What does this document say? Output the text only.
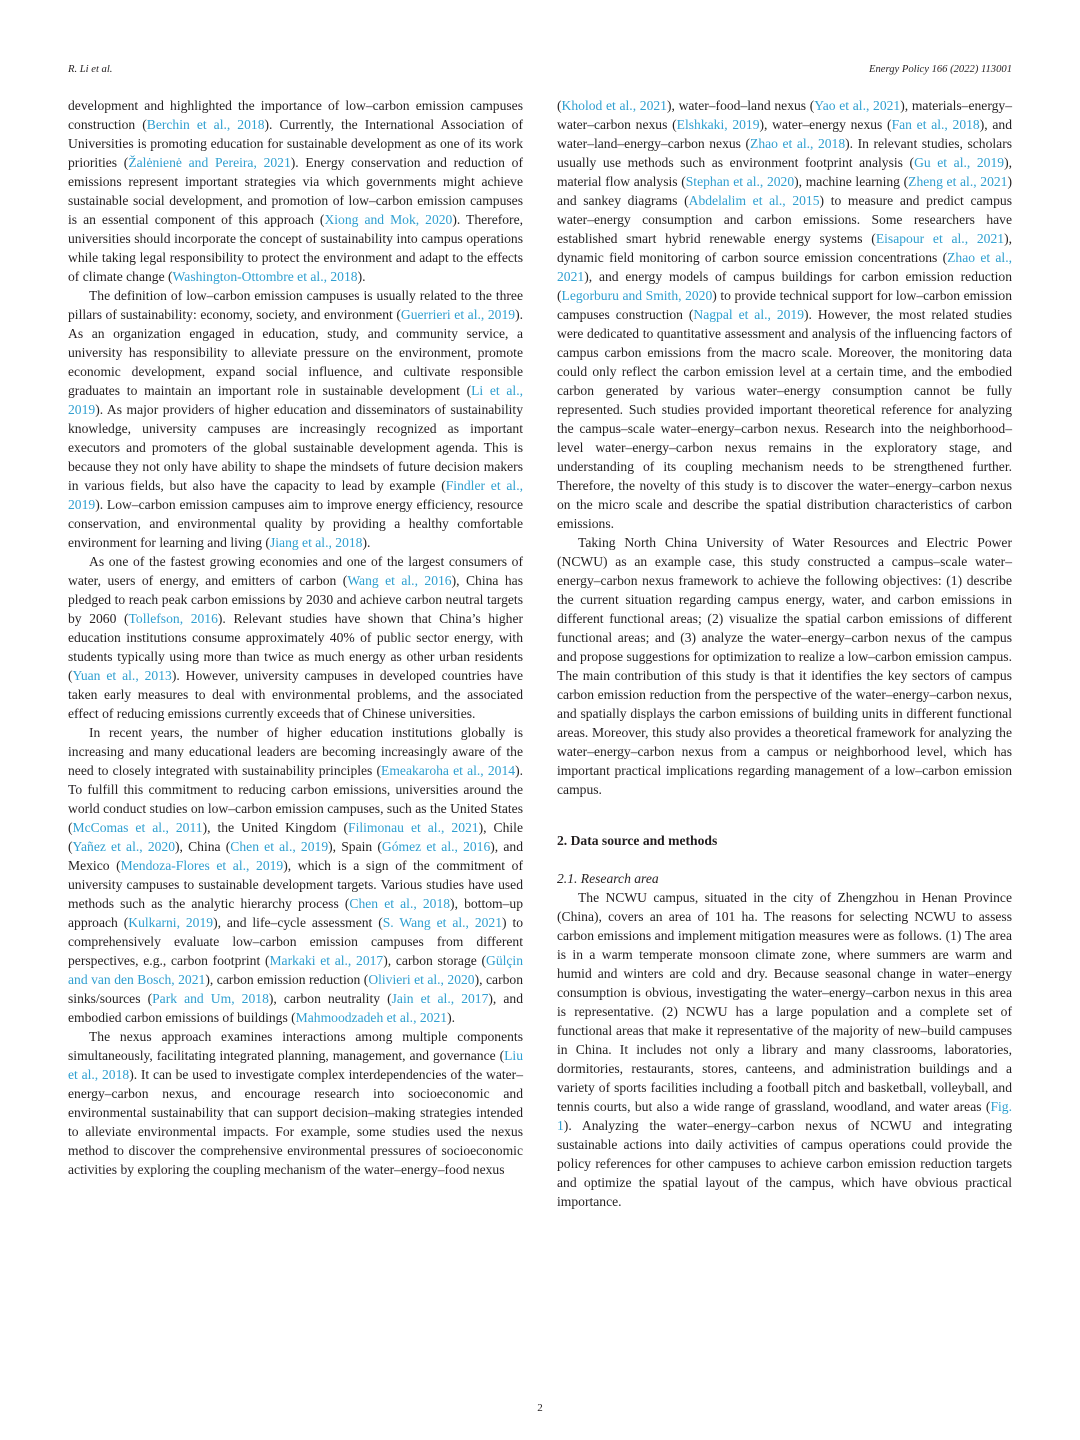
R. Li et al.	Energy Policy 166 (2022) 113001

development and highlighted the importance of low–carbon emission campuses construction (Berchin et al., 2018). Currently, the International Association of Universities is promoting education for sustainable development as one of its work priorities (Žalėnienė and Pereira, 2021). Energy conservation and reduction of emissions represent important strategies via which governments might achieve sustainable social development, and promotion of low–carbon emission campuses is an essential component of this approach (Xiong and Mok, 2020). Therefore, universities should incorporate the concept of sustainability into campus operations while taking legal responsibility to protect the environment and adapt to the effects of climate change (Washington-Ottombre et al., 2018).

The definition of low–carbon emission campuses is usually related to the three pillars of sustainability: economy, society, and environment (Guerrieri et al., 2019). As an organization engaged in education, study, and community service, a university has responsibility to alleviate pressure on the environment, promote economic development, expand social influence, and cultivate responsible graduates to maintain an important role in sustainable development (Li et al., 2019). As major providers of higher education and disseminators of sustainability knowledge, university campuses are increasingly recognized as important executors and promoters of the global sustainable development agenda. This is because they not only have ability to shape the mindsets of future decision makers in various fields, but also have the capacity to lead by example (Findler et al., 2019). Low–carbon emission campuses aim to improve energy efficiency, resource conservation, and environmental quality by providing a healthy comfortable environment for learning and living (Jiang et al., 2018).

As one of the fastest growing economies and one of the largest consumers of water, users of energy, and emitters of carbon (Wang et al., 2016), China has pledged to reach peak carbon emissions by 2030 and achieve carbon neutral targets by 2060 (Tollefson, 2016). Relevant studies have shown that China’s higher education institutions consume approximately 40% of public sector energy, with students typically using more than twice as much energy as other urban residents (Yuan et al., 2013). However, university campuses in developed countries have taken early measures to deal with environmental problems, and the associated effect of reducing emissions currently exceeds that of Chinese universities.

In recent years, the number of higher education institutions globally is increasing and many educational leaders are becoming increasingly aware of the need to closely integrated with sustainability principles (Emeakaroha et al., 2014). To fulfill this commitment to reducing carbon emissions, universities around the world conduct studies on low–carbon emission campuses, such as the United States (McComas et al., 2011), the United Kingdom (Filimonau et al., 2021), Chile (Yañez et al., 2020), China (Chen et al., 2019), Spain (Gómez et al., 2016), and Mexico (Mendoza-Flores et al., 2019), which is a sign of the commitment of university campuses to sustainable development targets. Various studies have used methods such as the analytic hierarchy process (Chen et al., 2018), bottom–up approach (Kulkarni, 2019), and life–cycle assessment (S. Wang et al., 2021) to comprehensively evaluate low–carbon emission campuses from different perspectives, e.g., carbon footprint (Markaki et al., 2017), carbon storage (Gülçin and van den Bosch, 2021), carbon emission reduction (Olivieri et al., 2020), carbon sinks/sources (Park and Um, 2018), carbon neutrality (Jain et al., 2017), and embodied carbon emissions of buildings (Mahmoodzadeh et al., 2021).

The nexus approach examines interactions among multiple components simultaneously, facilitating integrated planning, management, and governance (Liu et al., 2018). It can be used to investigate complex interdependencies of the water–energy–carbon nexus, and encourage research into socioeconomic and environmental sustainability that can support decision–making strategies intended to alleviate environmental impacts. For example, some studies used the nexus method to discover the comprehensive environmental pressures of socioeconomic activities by exploring the coupling mechanism of the water–energy–food nexus

(Kholod et al., 2021), water–food–land nexus (Yao et al., 2021), materials–energy–water–carbon nexus (Elshkaki, 2019), water–energy nexus (Fan et al., 2018), and water–land–energy–carbon nexus (Zhao et al., 2018). In relevant studies, scholars usually use methods such as environment footprint analysis (Gu et al., 2019), material flow analysis (Stephan et al., 2020), machine learning (Zheng et al., 2021) and sankey diagrams (Abdelalim et al., 2015) to measure and predict campus water–energy consumption and carbon emissions. Some researchers have established smart hybrid renewable energy systems (Eisapour et al., 2021), dynamic field monitoring of carbon source emission concentrations (Zhao et al., 2021), and energy models of campus buildings for carbon emission reduction (Legorburu and Smith, 2020) to provide technical support for low–carbon emission campuses construction (Nagpal et al., 2019). However, the most related studies were dedicated to quantitative assessment and analysis of the influencing factors of campus carbon emissions from the macro scale. Moreover, the monitoring data could only reflect the carbon emission level at a certain time, and the embodied carbon generated by various water–energy consumption cannot be fully represented. Such studies provided important theoretical reference for analyzing the campus–scale water–energy–carbon nexus. Research into the neighborhood–level water–energy–carbon nexus remains in the exploratory stage, and understanding of its coupling mechanism needs to be strengthened further. Therefore, the novelty of this study is to discover the water–energy–carbon nexus on the micro scale and describe the spatial distribution characteristics of carbon emissions.

Taking North China University of Water Resources and Electric Power (NCWU) as an example case, this study constructed a campus–scale water–energy–carbon nexus framework to achieve the following objectives: (1) describe the current situation regarding campus energy, water, and carbon emissions in different functional areas; (2) visualize the spatial carbon emissions of different functional areas; and (3) analyze the water–energy–carbon nexus of the campus and propose suggestions for optimization to realize a low–carbon emission campus. The main contribution of this study is that it identifies the key sectors of campus carbon emission reduction from the perspective of the water–energy–carbon nexus, and spatially displays the carbon emissions of building units in different functional areas. Moreover, this study also provides a theoretical framework for analyzing the water–energy–carbon nexus from a campus or neighborhood level, which has important practical implications regarding management of a low–carbon emission campus.

2. Data source and methods
2.1. Research area

The NCWU campus, situated in the city of Zhengzhou in Henan Province (China), covers an area of 101 ha. The reasons for selecting NCWU to assess carbon emissions and implement mitigation measures were as follows. (1) The area is in a warm temperate monsoon climate zone, where summers are warm and humid and winters are cold and dry. Because seasonal change in water–energy consumption is obvious, investigating the water–energy–carbon nexus in this area is representative. (2) NCWU has a large population and a complete set of functional areas that make it representative of the majority of new–build campuses in China. It includes not only a library and many classrooms, laboratories, dormitories, restaurants, stores, canteens, and administration buildings and a variety of sports facilities including a football pitch and basketball, volleyball, and tennis courts, but also a wide range of grassland, woodland, and water areas (Fig. 1). Analyzing the water–energy–carbon nexus of NCWU and integrating sustainable actions into daily activities of campus operations could provide the policy references for other campuses to achieve carbon emission reduction targets and optimize the spatial layout of the campus, which have obvious practical importance.

2
